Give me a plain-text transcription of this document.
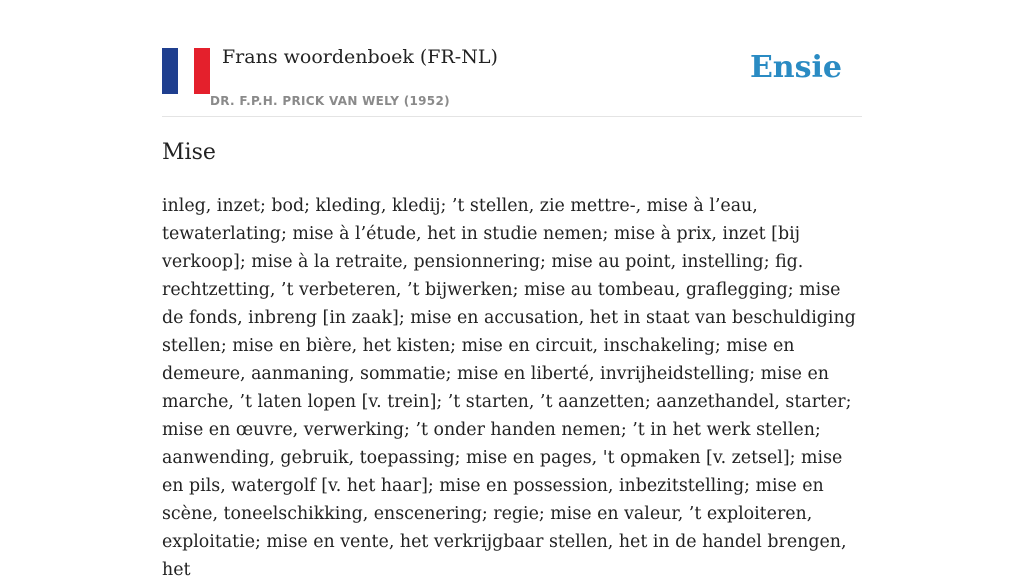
Frans woordenboek (FR-NL)
DR. F.P.H. PRICK VAN WELY (1952)
Ensie
Mise

inleg, inzet; bod; kleding, kledij; ’t stellen, zie mettre-, mise à l’eau, tewaterlating; mise à l’étude, het in studie nemen; mise à prix, inzet [bij verkoop]; mise à la retraite, pensionnering; mise au point, instelling; fig. rechtzetting, ’t verbeteren, ’t bijwerken; mise au tombeau, graflegging; mise de fonds, inbreng [in zaak]; mise en accusation, het in staat van beschuldiging stellen; mise en bière, het kisten; mise en circuit, inschakeling; mise en demeure, aanmaning, sommatie; mise en liberté, invrijheidstelling; mise en marche, ’t laten lopen [v. trein]; ’t starten, ’t aanzetten; aanzethandel, starter; mise en œuvre, verwerking; ’t onder handen nemen; ’t in het werk stellen; aanwending, gebruik, toepassing; mise en pages, 't opmaken [v. zetsel]; mise en pils, watergolf [v. het haar]; mise en possession, inbezitstelling; mise en scène, toneelschikking, enscenering; regie; mise en valeur, ’t exploiteren, exploitatie; mise en vente, het verkrijgbaar stellen, het in de handel brengen, het
